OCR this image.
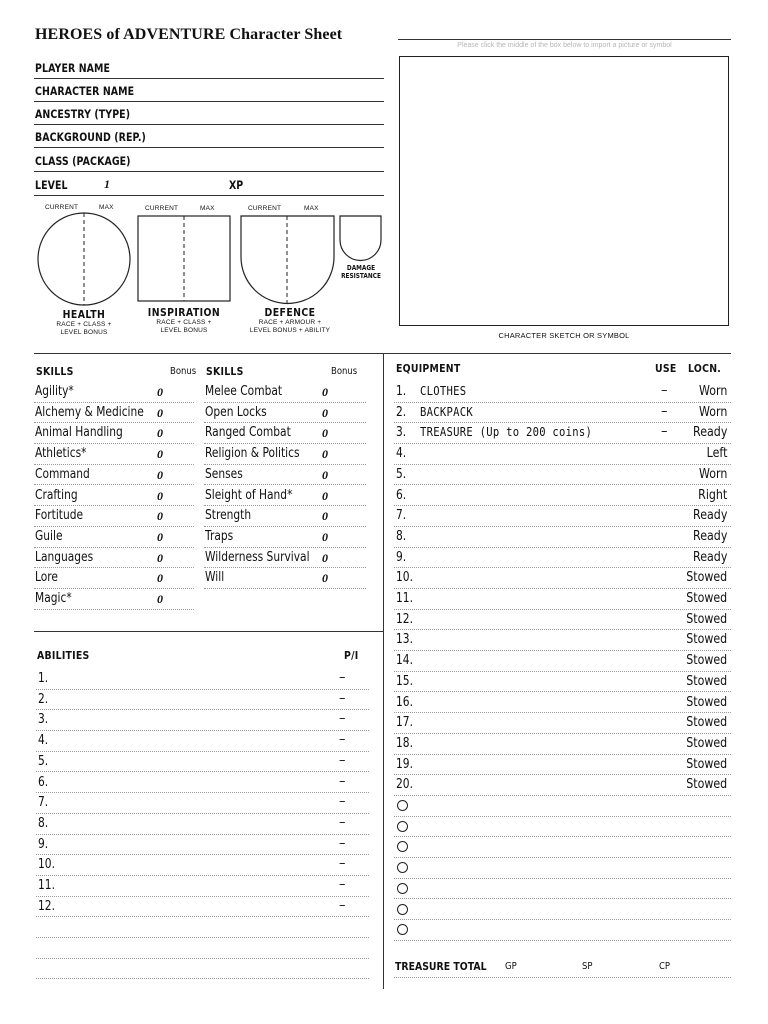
HEROES of ADVENTURE Character Sheet
Please click the middle of the box below to import a picture or symbol
CHARACTER SKETCH OR SYMBOL
PLAYER NAME
CHARACTER NAME
ANCESTRY (TYPE)
BACKGROUND (REP.)
CLASS (PACKAGE)
LEVEL	1	XP
CURRENT	MAX	CURRENT	MAX	CURRENT	MAX
DAMAGE
RESISTANCE
HEALTH
RACE + CLASS +
LEVEL BONUS
INSPIRATION
RACE + CLASS +
LEVEL BONUS
DEFENCE
RACE + ARMOUR +
LEVEL BONUS + ABILITY
SKILLS	Bonus SKILLS	Bonus
Agility*	0
Alchemy & Medicine 0
Animal Handling	0
Athletics*	0
Command	0
Crafting	0
Fortitude	0
Guile	0
Languages	0
Lore	0
Magic*	0
Melee Combat	0
Open Locks	0
Ranged Combat	0
Religion & Politics 0
Senses	0
Sleight of Hand* 0
Strength	0
Traps	0
Wilderness Survival 0
Will	0
ABILITIES	P/I
1.	–
2.	–
3.	–
4.	–
5.	–
6.	–
7.	–
8.	–
9.	–
10.	–
11.	–
12.	–
EQUIPMENT	USE LOCN.
1. CLOTHES	– Worn
2. BACKPACK	– Worn
3. TREASURE (Up to 200 coins)	– Ready
4.	Left
5.	Worn
6.	Right
7.	Ready
8.	Ready
9.	Ready
10.	Stowed
11.	Stowed
12.	Stowed
13.	Stowed
14.	Stowed
15.	Stowed
16.	Stowed
17.	Stowed
18.	Stowed
19.	Stowed
20.	Stowed
TREASURE TOTAL GP	SP	CP
